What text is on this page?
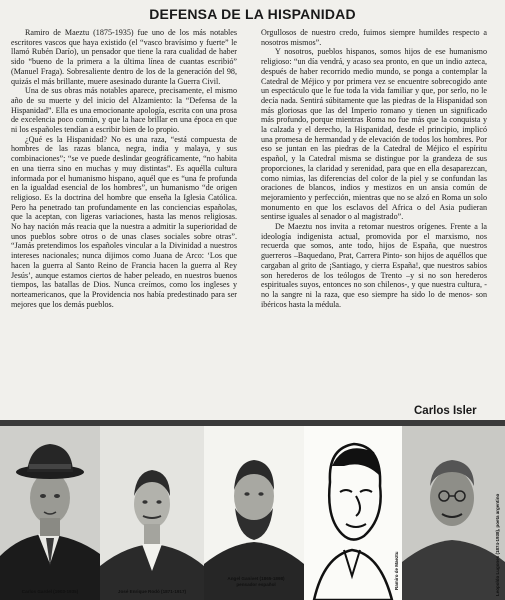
DEFENSA DE LA HISPANIDAD

Ramiro de Maeztu (1875-1935) fue uno de los más notables escritores vascos que haya existido (el “vasco bravísimo y fuerte” le llamó Rubén Darío), un pensador que tiene la rara cualidad de haber sido “bueno de la primera a la última línea de cuantas escribió” (Manuel Fraga). Sobresaliente dentro de los de la generación del 98, quizás el más brillante, muere asesinado durante la Guerra Civil.

Una de sus obras más notables aparece, precisamente, el mismo año de su muerte y del inicio del Alzamiento: la “Defensa de la Hispanidad”. Ella es una emocionante apología, escrita con una prosa de excelencia poco común, y que la hace brillar en una época en que ni los españoles tendían a escribir bien de lo propio.

¿Qué es la Hispanidad? No es una raza, “está compuesta de hombres de las razas blanca, negra, india y malaya, y sus combinaciones”; “se ve puede deslindar geográficamente, “no habita en una tierra sino en muchas y muy distintas”. Es aquélla cultura informada por el humanismo hispano, aquél que es “una fe profunda en la igualdad esencial de los hombres”, un humanismo “de origen religioso. Es la doctrina del hombre que enseña la Iglesia Católica. Pero ha penetrado tan profundamente en las conciencias españolas, que la aceptan, con ligeras variaciones, hasta las menos religiosas. No hay nación más reacia que la nuestra a admitir la superioridad de unos pueblos sobre otros o de unas clases sociales sobre otras”. “Jamás pretendimos los españoles vincular a la Divinidad a nuestros intereses nacionales; nunca dijimos como Juana de Arco: ‘Los que hacen la guerra al Santo Reino de Francia hacen la guerra al Rey Jesús’, aunque estamos ciertos de haber peleado, en nuestros buenos tiempos, las batallas de Dios. Nunca creímos, como los ingleses y norteamericanos, que la Providencia nos había predestinado para ser mejores que los demás pueblos.

Orgullosos de nuestro credo, fuimos siempre humildes respecto a nosotros mismos”.

Y nosotros, pueblos hispanos, somos hijos de ese humanismo religioso: “un día vendrá, y acaso sea pronto, en que un indio azteca, después de haber recorrido medio mundo, se ponga a contemplar la Catedral de Méjico y por primera vez se encuentre sobrecogido ante un espectáculo que le fue toda la vida familiar y que, por serlo, no le decía nada. Sentirá súbitamente que las piedras de la Hispanidad son más gloriosas que las del Imperio romano y tienen un significado más profundo, porque mientras Roma no fue más que la conquista y la calzada y el derecho, la Hispanidad, desde el principio, implicó una promesa de hermandad y de elevación de todos los hombres. Por eso se juntan en las piedras de la Catedral de Méjico el espíritu español, y la Catedral misma se distingue por la grandeza de sus proporciones, la claridad y serenidad, para que en ella desaparezcan, como nimias, las diferencias del color de la piel y se confundan las oraciones de blancos, indios y mestizos en un ansia común de mejoramiento y perfección, mientras que no se alzó en Roma un solo monumento en que los esclavos del Africa o del Asia pudieran sentirse iguales al senador o al magistrado”.

De Maeztu nos invita a retomar nuestros orígenes. Frente a la ideología indigenista actual, promovida por el marxismo, nos recuerda que somos, ante todo, hijos de España, que nuestros guerreros –Baquedano, Prat, Carrera Pinto- son hijos de aquéllos que cargaban al grito de ¡Santiago, y cierra España!, que nuestros sabios son herederos de los teólogos de Trento –y si no son herederos espirituales suyos, entonces no son chilenos-, y que nuestra cultura, -no la sangre ni la raza, que eso siempre ha sido lo de menos- son ibéricos hasta la médula.

Carlos Isler
Carlos Gardel (1903-1935)	José Enrique Rodó (1871-1917)
Angel Ganivet (1865-1898)
pensador español	Ramiro de Maeztu	Leopoldo Lugones (1874-1938), poeta argentino
